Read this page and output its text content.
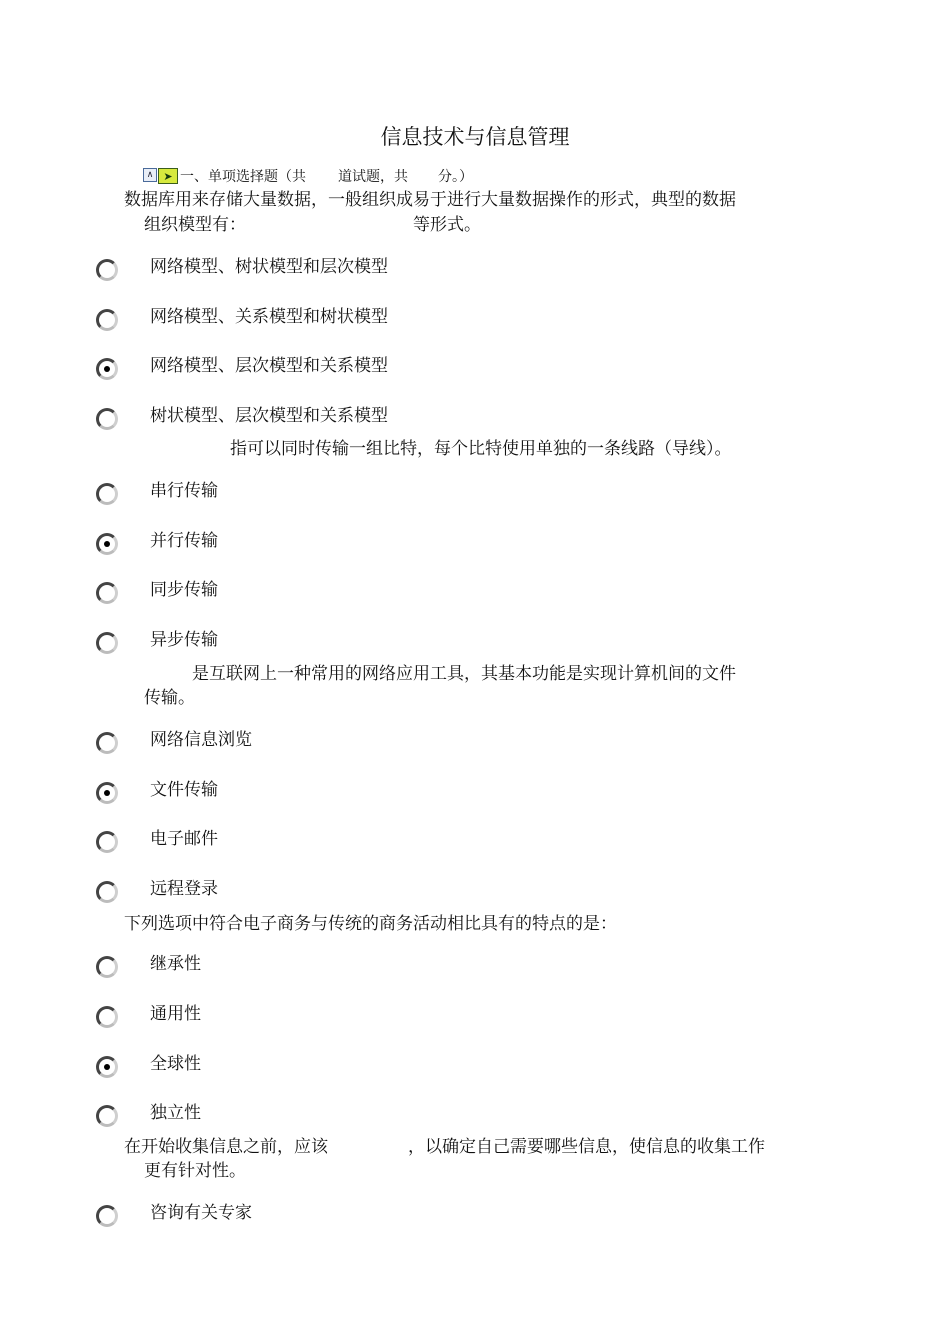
信息技术与信息管理
∧ ➤ 一、单项选择题（共 道试题，共 分。）
数据库用来存储大量数据，一般组织成易于进行大量数据操作的形式，典型的数据
组织模型有：	等形式。
网络模型、树状模型和层次模型
网络模型、关系模型和树状模型
网络模型、层次模型和关系模型
树状模型、层次模型和关系模型
指可以同时传输一组比特，每个比特使用单独的一条线路（导线）。
串行传输
并行传输
同步传输
异步传输
是互联网上一种常用的网络应用工具，其基本功能是实现计算机间的文件
传输。
网络信息浏览
文件传输
电子邮件
远程登录
下列选项中符合电子商务与传统的商务活动相比具有的特点的是：
继承性
通用性
全球性
独立性
在开始收集信息之前，应该	，以确定自己需要哪些信息，使信息的收集工作
更有针对性。
咨询有关专家
